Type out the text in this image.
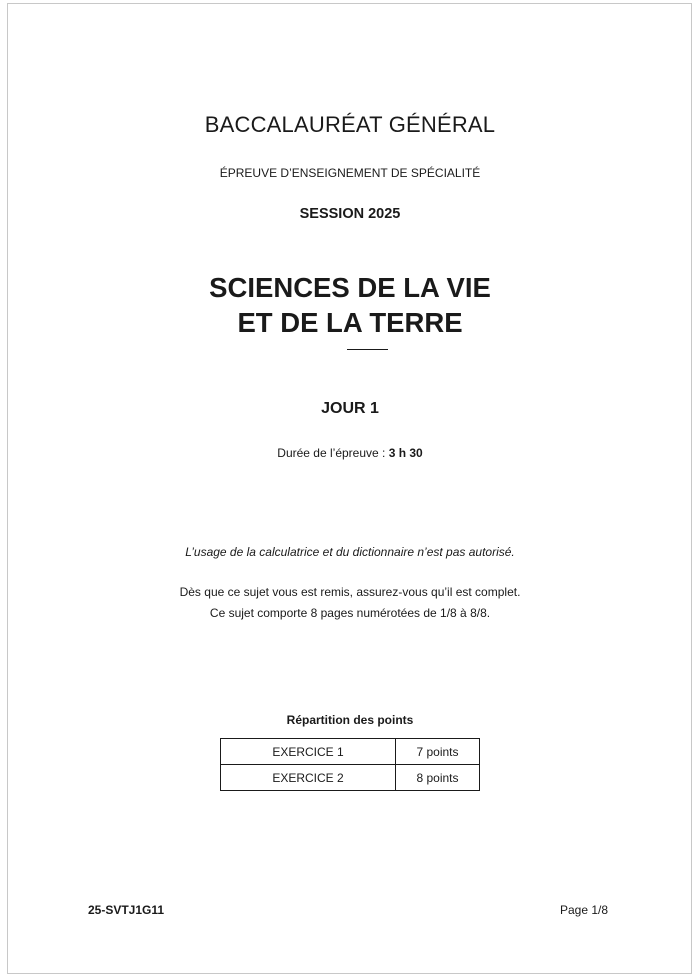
BACCALAURÉAT GÉNÉRAL
ÉPREUVE D’ENSEIGNEMENT DE SPÉCIALITÉ
SESSION 2025
SCIENCES DE LA VIE
ET DE LA TERRE
JOUR 1
Durée de l’épreuve : 3 h 30
L’usage de la calculatrice et du dictionnaire n’est pas autorisé.
Dès que ce sujet vous est remis, assurez-vous qu’il est complet.
Ce sujet comporte 8 pages numérotées de 1/8 à 8/8.
Répartition des points
EXERCICE 1	7 points
EXERCICE 2	8 points
25-SVTJ1G11	Page 1/8
